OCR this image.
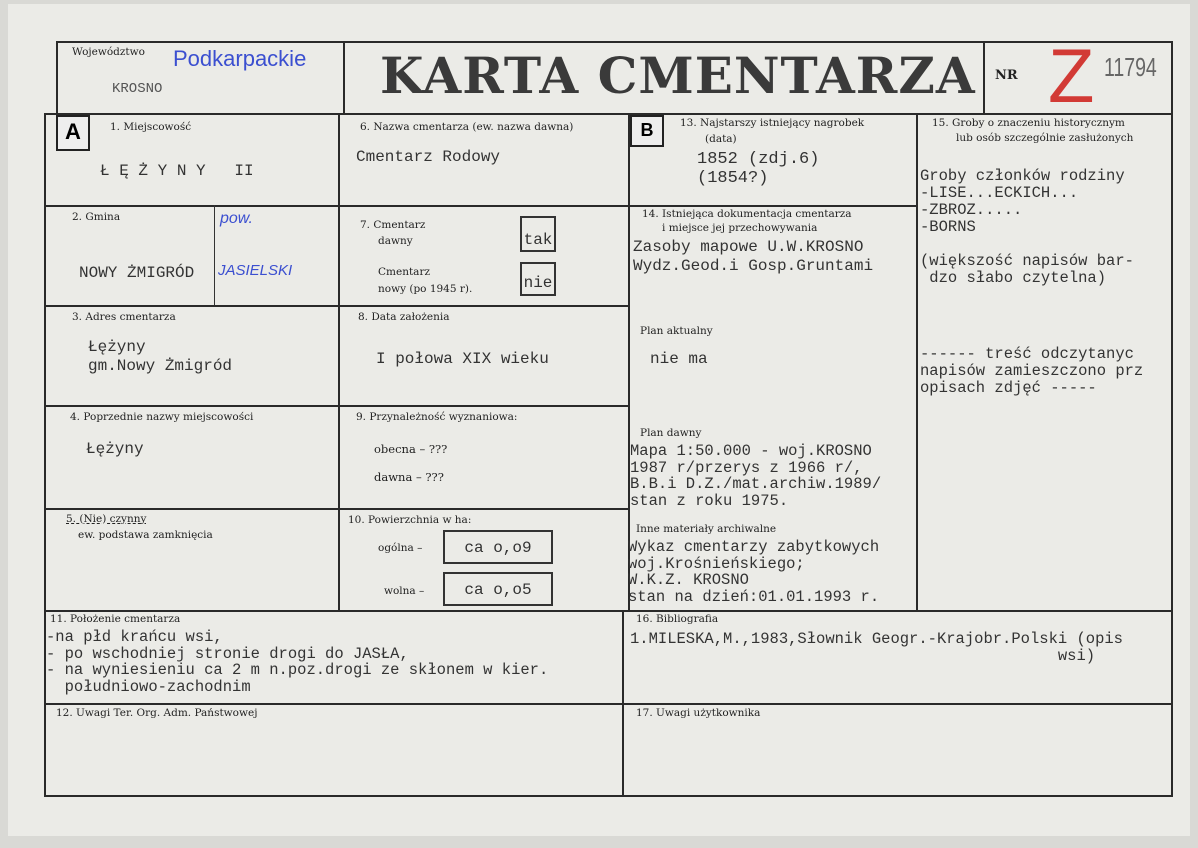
Województwo Podkarpackie
KROSNO	KARTA CMENTARZA NR Z 11794
A	1. Miejscowość
Ł Ę Ż Y N Y   II
2. Gmina
NOWY ŻMIGRÓD
pow.
JASIELSKI
3. Adres cmentarza
Łężyny
gm.Nowy Żmigród
4. Poprzednie nazwy miejscowości
Łężyny
5. (Nie) czynny
ew. podstawa zamknięcia
6. Nazwa cmentarza (ew. nazwa dawna)
Cmentarz Rodowy
7. Cmentarz
dawny	tak
Cmentarz
nowy (po 1945 r).	nie
8. Data założenia
I połowa XIX wieku
9. Przynależność wyznaniowa:
obecna – ???
dawna – ???
10. Powierzchnia w ha:
ogólna –	ca o,o9
wolna –	ca o,o5
B	13. Najstarszy istniejący nagrobek
(data)
1852 (zdj.6)
(1854?)
14. Istniejąca dokumentacja cmentarza
i miejsce jej przechowywania
Zasoby mapowe U.W.KROSNO
Wydz.Geod.i Gosp.Gruntami
Plan aktualny
nie ma
Plan dawny
Mapa 1:50.000 - woj.KROSNO
1987 r/przerys z 1966 r/,
B.B.i D.Z./mat.archiw.1989/
stan z roku 1975.
Inne materiały archiwalne
Wykaz cmentarzy zabytkowych
woj.Krośnieńskiego;
W.K.Z. KROSNO
stan na dzień:01.01.1993 r.
15. Groby o znaczeniu historycznym
lub osób szczególnie zasłużonych
Groby członków rodziny
-LISE...ECKICH...
-ZBROZ.....
-BORNS

(większość napisów bar-
dzo słabo czytelna)
------ treść odczytanyc
napisów zamieszczono prz
opisach zdjęć -----
11. Położenie cmentarza
-na płd krańcu wsi,
- po wschodniej stronie drogi do JASŁA,
- na wyniesieniu ca 2 m n.poz.drogi ze skłonem w kier.
południowo-zachodnim
16. Bibliografia
1.MILESKA,M.,1983,Słownik Geogr.-Krajobr.Polski (opis
wsi)
12. Uwagi Ter. Org. Adm. Państwowej	17. Uwagi użytkownika
